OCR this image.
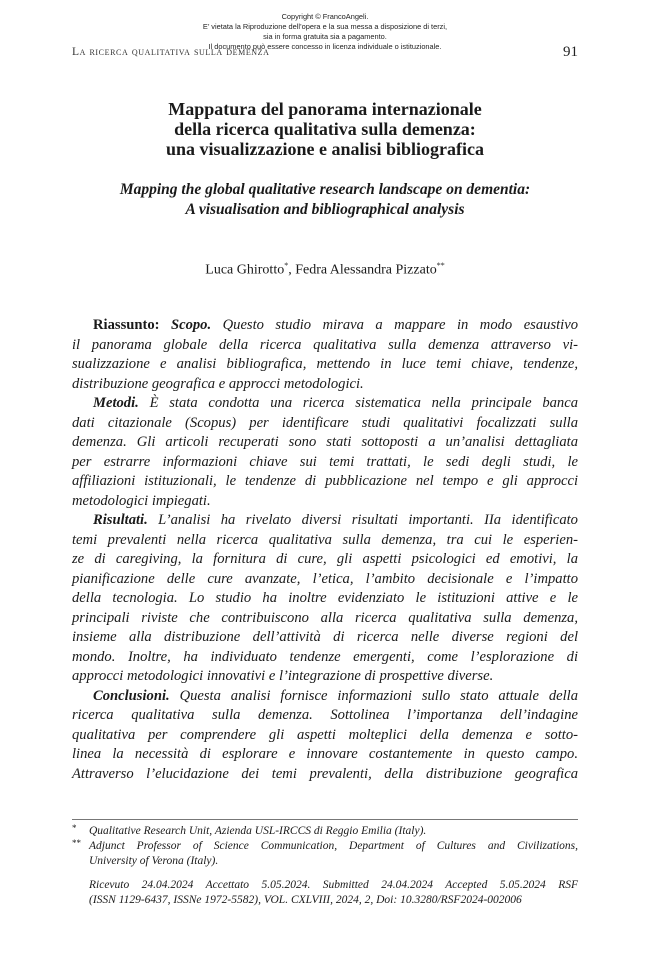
Copyright © FrancoAngeli.
E’ vietata la Riproduzione dell’opera e la sua messa a disposizione di terzi,
sia in forma gratuita sia a pagamento.
Il documento può essere concesso in licenza individuale o istituzionale.
La ricerca qualitativa sulla demenza	91
Mappatura del panorama internazionale
della ricerca qualitativa sulla demenza:
una visualizzazione e analisi bibliografica
Mapping the global qualitative research landscape on dementia:
A visualisation and bibliographical analysis
Luca Ghirotto*, Fedra Alessandra Pizzato**
Riassunto: Scopo. Questo studio mirava a mappare in modo esaustivo
il panorama globale della ricerca qualitativa sulla demenza attraverso vi-
sualizzazione e analisi bibliografica, mettendo in luce temi chiave, tendenze,
distribuzione geografica e approcci metodologici.
Metodi. È stata condotta una ricerca sistematica nella principale banca
dati citazionale (Scopus) per identificare studi qualitativi focalizzati sulla
demenza. Gli articoli recuperati sono stati sottoposti a un’analisi dettagliata
per estrarre informazioni chiave sui temi trattati, le sedi degli studi, le
affiliazioni istituzionali, le tendenze di pubblicazione nel tempo e gli approcci
metodologici impiegati.
Risultati. L’analisi ha rivelato diversi risultati importanti. IIa identificato
temi prevalenti nella ricerca qualitativa sulla demenza, tra cui le esperien-
ze di caregiving, la fornitura di cure, gli aspetti psicologici ed emotivi, la
pianificazione delle cure avanzate, l’etica, l’ambito decisionale e l’impatto
della tecnologia. Lo studio ha inoltre evidenziato le istituzioni attive e le
principali riviste che contribuiscono alla ricerca qualitativa sulla demenza,
insieme alla distribuzione dell’attività di ricerca nelle diverse regioni del
mondo. Inoltre, ha individuato tendenze emergenti, come l’esplorazione di
approcci metodologici innovativi e l’integrazione di prospettive diverse.
Conclusioni. Questa analisi fornisce informazioni sullo stato attuale della
ricerca qualitativa sulla demenza. Sottolinea l’importanza dell’indagine
qualitativa per comprendere gli aspetti molteplici della demenza e sotto-
linea la necessità di esplorare e innovare costantemente in questo campo.
Attraverso l’elucidazione dei temi prevalenti, della distribuzione geografica
* Qualitative Research Unit, Azienda USL-IRCCS di Reggio Emilia (Italy).
** Adjunct Professor of Science Communication, Department of Cultures and Civilizations,
University of Verona (Italy).
Ricevuto 24.04.2024 Accettato 5.05.2024. Submitted 24.04.2024 Accepted 5.05.2024 RSF
(ISSN 1129-6437, ISSNe 1972-5582), VOL. CXLVIII, 2024, 2, Doi: 10.3280/RSF2024-002006
